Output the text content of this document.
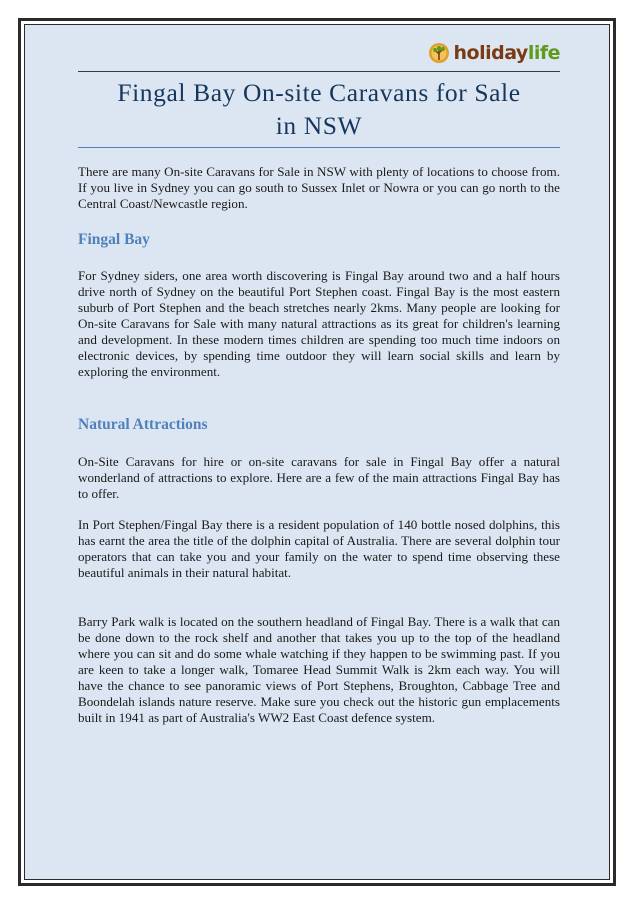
holidaylife
Fingal Bay On-site Caravans for Sale
in NSW

There are many On-site Caravans for Sale in NSW with plenty of locations to choose from. If you live in Sydney you can go south to Sussex Inlet or Nowra or you can go north to the Central Coast/Newcastle region.

Fingal Bay

For Sydney siders, one area worth discovering is Fingal Bay around two and a half hours drive north of Sydney on the beautiful Port Stephen coast. Fingal Bay is the most eastern suburb of Port Stephen and the beach stretches nearly 2kms. Many people are looking for On-site Caravans for Sale with many natural attractions as its great for children's learning and development. In these modern times children are spending too much time indoors on electronic devices, by spending time outdoor they will learn social skills and learn by exploring the environment.

Natural Attractions

On-Site Caravans for hire or on-site caravans for sale in Fingal Bay offer a natural wonderland of attractions to explore. Here are a few of the main attractions Fingal Bay has to offer.

In Port Stephen/Fingal Bay there is a resident population of 140 bottle nosed dolphins, this has earnt the area the title of the dolphin capital of Australia. There are several dolphin tour operators that can take you and your family on the water to spend time observing these beautiful animals in their natural habitat.

Barry Park walk is located on the southern headland of Fingal Bay. There is a walk that can be done down to the rock shelf and another that takes you up to the top of the headland where you can sit and do some whale watching if they happen to be swimming past. If you are keen to take a longer walk, Tomaree Head Summit Walk is 2km each way. You will have the chance to see panoramic views of Port Stephens, Broughton, Cabbage Tree and Boondelah islands nature reserve. Make sure you check out the historic gun emplacements built in 1941 as part of Australia's WW2 East Coast defence system.
